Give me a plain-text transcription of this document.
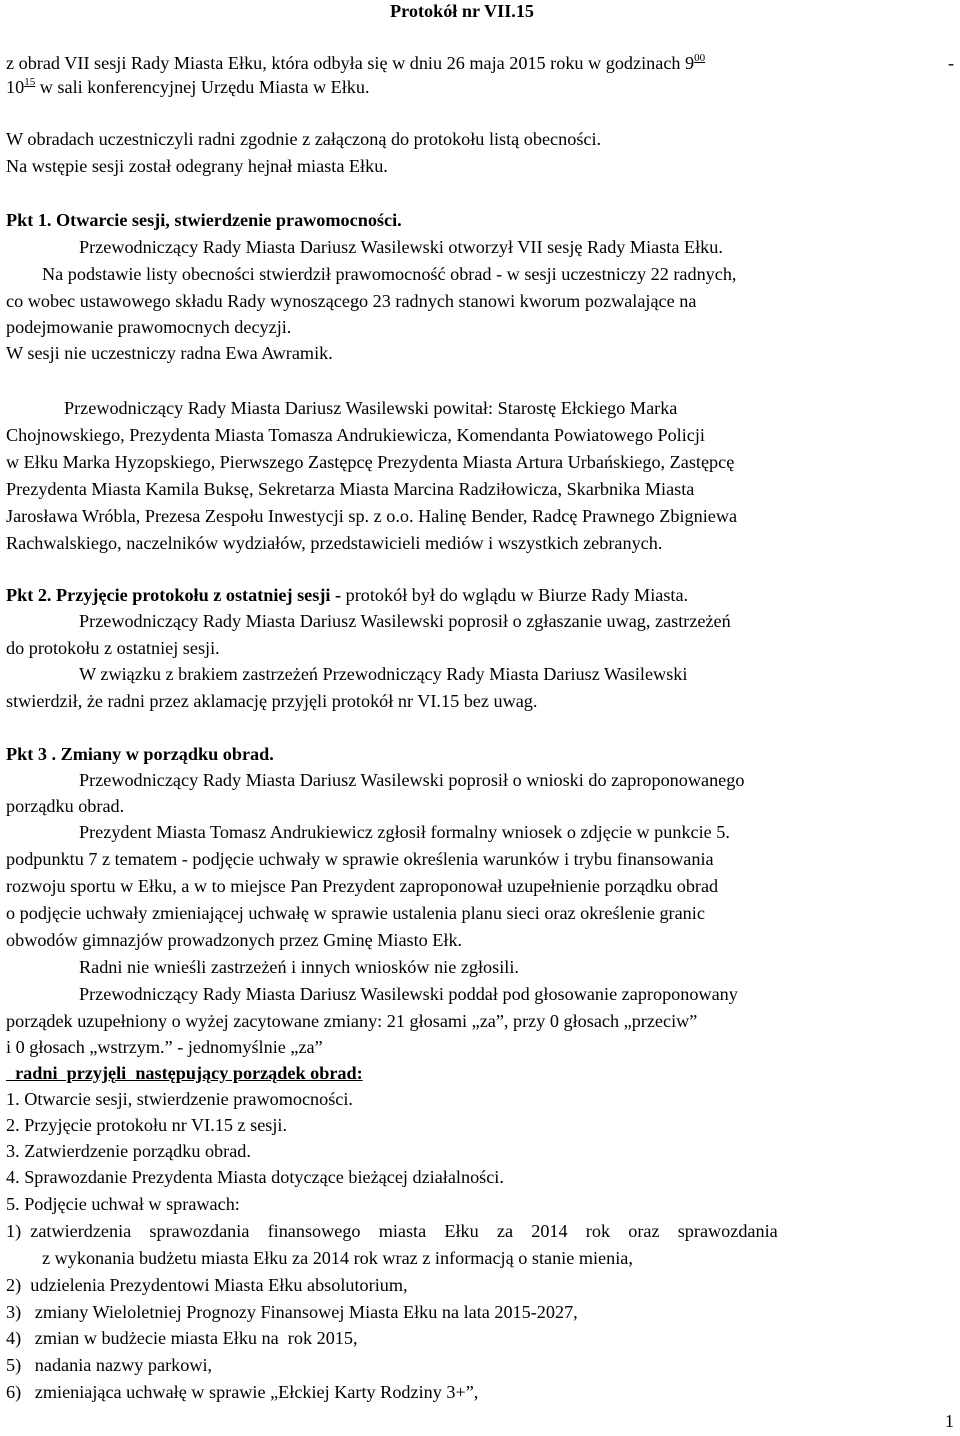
Protokół nr VII.15
z obrad VII sesji Rady Miasta Ełku, która odbyła się w dniu 26 maja 2015 roku w godzinach $9^{00}$	-
$10^{15}$ w sali konferencyjnej Urzędu Miasta w Ełku.
W obradach uczestniczyli radni zgodnie z załączoną do protokołu listą obecności.
Na wstępie sesji został odegrany hejnał miasta Ełku.
Pkt 1. Otwarcie sesji, stwierdzenie prawomocności.
Przewodniczący Rady Miasta Dariusz Wasilewski otworzył VII sesję Rady Miasta Ełku.
Na podstawie listy obecności stwierdził prawomocność obrad - w sesji uczestniczy 22 radnych,
co wobec ustawowego składu Rady wynoszącego 23 radnych stanowi kworum pozwalające na
podejmowanie prawomocnych decyzji.
W sesji nie uczestniczy radna Ewa Awramik.
Przewodniczący Rady Miasta Dariusz Wasilewski powitał: Starostę Ełckiego Marka
Chojnowskiego, Prezydenta Miasta Tomasza Andrukiewicza, Komendanta Powiatowego Policji
w Ełku Marka Hyzopskiego, Pierwszego Zastępcę Prezydenta Miasta Artura Urbańskiego, Zastępcę
Prezydenta Miasta Kamila Buksę, Sekretarza Miasta Marcina Radziłowicza, Skarbnika Miasta
Jarosława Wróbla, Prezesa Zespołu Inwestycji sp. z o.o. Halinę Bender, Radcę Prawnego Zbigniewa
Rachwalskiego, naczelników wydziałów, przedstawicieli mediów i wszystkich zebranych.
Pkt 2. Przyjęcie protokołu z ostatniej sesji - protokół był do wglądu w Biurze Rady Miasta.
Przewodniczący Rady Miasta Dariusz Wasilewski poprosił o zgłaszanie uwag, zastrzeżeń
do protokołu z ostatniej sesji.
W związku z brakiem zastrzeżeń Przewodniczący Rady Miasta Dariusz Wasilewski
stwierdził, że radni przez aklamację przyjęli protokół nr VI.15 bez uwag.
Pkt 3 . Zmiany w porządku obrad.
Przewodniczący Rady Miasta Dariusz Wasilewski poprosił o wnioski do zaproponowanego
porządku obrad.
Prezydent Miasta Tomasz Andrukiewicz zgłosił formalny wniosek o zdjęcie w punkcie 5.
podpunktu 7 z tematem - podjęcie uchwały w sprawie określenia warunków i trybu finansowania
rozwoju sportu w Ełku, a w to miejsce Pan Prezydent zaproponował uzupełnienie porządku obrad
o podjęcie uchwały zmieniającej uchwałę w sprawie ustalenia planu sieci oraz określenie granic
obwodów gimnazjów prowadzonych przez Gminę Miasto Ełk.
Radni nie wnieśli zastrzeżeń i innych wniosków nie zgłosili.
Przewodniczący Rady Miasta Dariusz Wasilewski poddał pod głosowanie zaproponowany
porządek uzupełniony o wyżej zacytowane zmiany: 21 głosami „za”, przy 0 głosach „przeciw”
i 0 głosach „wstrzym.” - jednomyślnie „za”
radni  przyjęli  następujący porządek obrad:
1. Otwarcie sesji, stwierdzenie prawomocności.
2. Przyjęcie protokołu nr VI.15 z sesji.
3. Zatwierdzenie porządku obrad.
4. Sprawozdanie Prezydenta Miasta dotyczące bieżącej działalności.
5. Podjęcie uchwał w sprawach:
1)  zatwierdzenia    sprawozdania    finansowego    miasta    Ełku    za    2014    rok    oraz    sprawozdania
z wykonania budżetu miasta Ełku za 2014 rok wraz z informacją o stanie mienia,
2)  udzielenia Prezydentowi Miasta Ełku absolutorium,
3)   zmiany Wieloletniej Prognozy Finansowej Miasta Ełku na lata 2015-2027,
4)   zmian w budżecie miasta Ełku na  rok 2015,
5)   nadania nazwy parkowi,
6)   zmieniająca uchwałę w sprawie „Ełckiej Karty Rodziny 3+”,
1
